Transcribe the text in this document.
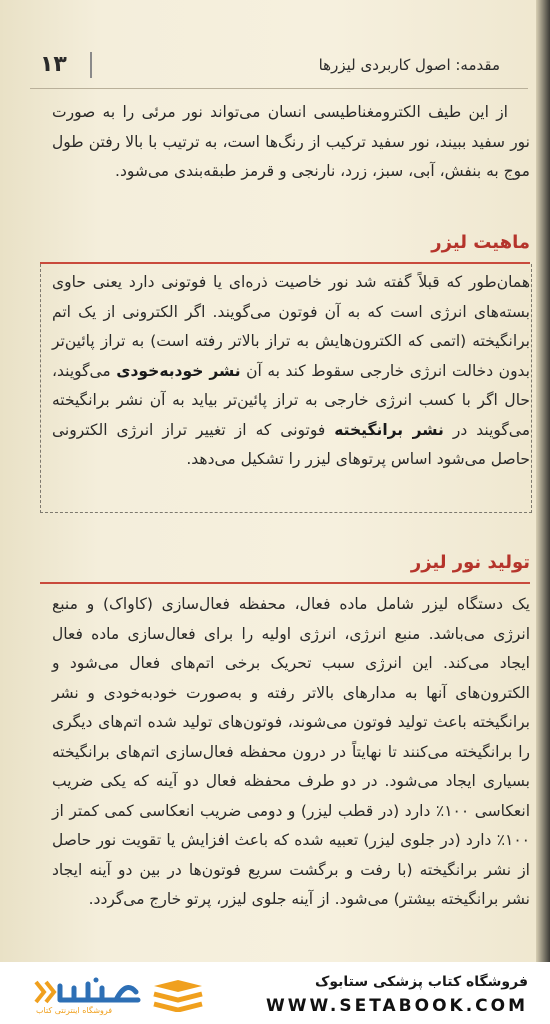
۱۳	مقدمه: اصول کاربردی لیزرها

از این طیف الکترومغناطیسی انسان می‌تواند نور مرئی را به صورت نور سفید ببیند، نور سفید ترکیب از رنگ‌ها است، به ترتیب با بالا رفتن طول موج به بنفش، آبی، سبز، زرد، نارنجی و قرمز طبقه‌بندی می‌شود.

ماهیت لیزر

همان‌طور که قبلاً گفته شد نور خاصیت ذره‌ای یا فوتونی دارد یعنی حاوی بسته‌های انرژی است که به آن فوتون می‌گویند. اگر الکترونی از یک اتم برانگیخته (اتمی که الکترون‌هایش به تراز بالاتر رفته است) به تراز پائین‌تر بدون دخالت انرژی خارجی سقوط کند به آن نشر خودبه‌خودی می‌گویند، حال اگر با کسب انرژی خارجی به تراز پائین‌تر بیاید به آن نشر برانگیخته می‌گویند در نشر برانگیخته فوتونی که از تغییر تراز انرژی الکترونی حاصل می‌شود اساس پرتوهای لیزر را تشکیل می‌دهد.

تولید نور لیزر

یک دستگاه لیزر شامل ماده فعال، محفظه فعال‌سازی (کاواک) و منبع انرژی می‌باشد. منبع انرژی، انرژی اولیه را برای فعال‌سازی ماده فعال ایجاد می‌کند. این انرژی سبب تحریک برخی اتم‌های فعال می‌شود و الکترون‌های آنها به مدارهای بالاتر رفته و به‌صورت خودبه‌خودی و نشر برانگیخته باعث تولید فوتون می‌شوند، فوتون‌های تولید شده اتم‌های دیگری را برانگیخته می‌کنند تا نهایتاً در درون محفظه فعال‌سازی اتم‌های برانگیخته بسیاری ایجاد می‌شود. در دو طرف محفظه فعال دو آینه که یکی ضریب انعکاسی ۱۰۰٪ دارد (در قطب لیزر) و دومی ضریب انعکاسی کمی کمتر از ۱۰۰٪ دارد (در جلوی لیزر) تعبیه شده که باعث افزایش یا تقویت نور حاصل از نشر برانگیخته (با رفت و برگشت سریع فوتون‌ها در بین دو آینه ایجاد نشر برانگیخته بیشتر) می‌شود. از آینه جلوی لیزر، پرتو خارج می‌گردد.

فروشگاه اینترنتی کتاب
فروشگاه کتاب پزشکی ستابوک
WWW.SETABOOK.COM
